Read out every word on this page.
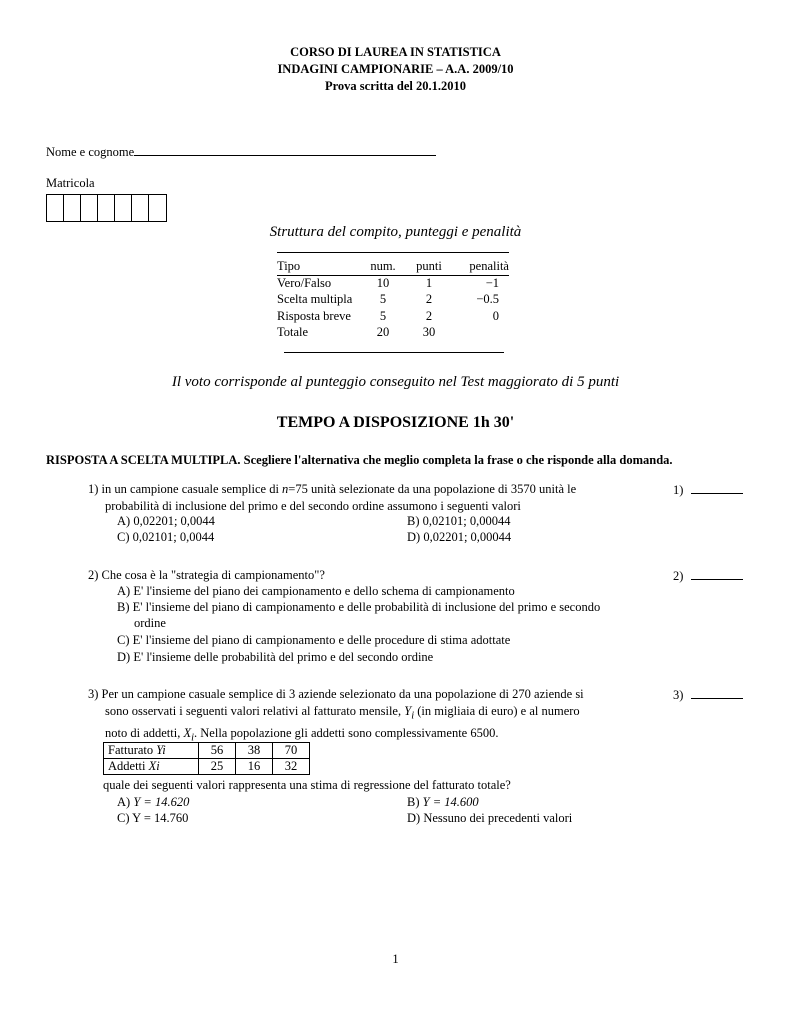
CORSO DI LAUREA IN STATISTICA
INDAGINI CAMPIONARIE – A.A. 2009/10
Prova scritta del 20.1.2010
Nome e cognome
Matricola
Struttura del compito, punteggi e penalità
Tipo	num.	punti	penalità
Vero/Falso	10	1	−1
Scelta multipla	5	2	−0.5
Risposta breve	5	2	0
Totale	20	30
Il voto corrisponde al punteggio conseguito nel Test maggiorato di 5 punti
TEMPO A DISPOSIZIONE 1h 30'
RISPOSTA A SCELTA MULTIPLA. Scegliere l'alternativa che meglio completa la frase o che risponde alla domanda.
1) in un campione casuale semplice di n=75 unità selezionate da una popolazione di 3570 unità le
probabilità di inclusione del primo e del secondo ordine assumono i seguenti valori
1)
A) 0,02201; 0,0044	B) 0,02101; 0,00044
C) 0,02101; 0,0044	D) 0,02201; 0,00044
2) Che cosa è la "strategia di campionamento"?	2)
A) E' l'insieme del piano dei campionamento e dello schema di campionamento
B) E' l'insieme del piano di campionamento e delle probabilità di inclusione del primo e secondo
ordine
C) E' l'insieme del piano di campionamento e delle procedure di stima adottate
D) E' l'insieme delle probabilità del primo e del secondo ordine
3) Per un campione casuale semplice di 3 aziende selezionato da una popolazione di 270 aziende si
sono osservati i seguenti valori relativi al fatturato mensile, $Y_i$ (in migliaia di euro) e al numero
noto di addetti, $X_i$. Nella popolazione gli addetti sono complessivamente 6500.
3)
Fatturato Yi	56	38	70
Addetti Xi	25	16	32
quale dei seguenti valori rappresenta una stima di regressione del fatturato totale?
A) Y = 14.620	B) Y = 14.600
C) Y = 14.760	D) Nessuno dei precedenti valori
1
